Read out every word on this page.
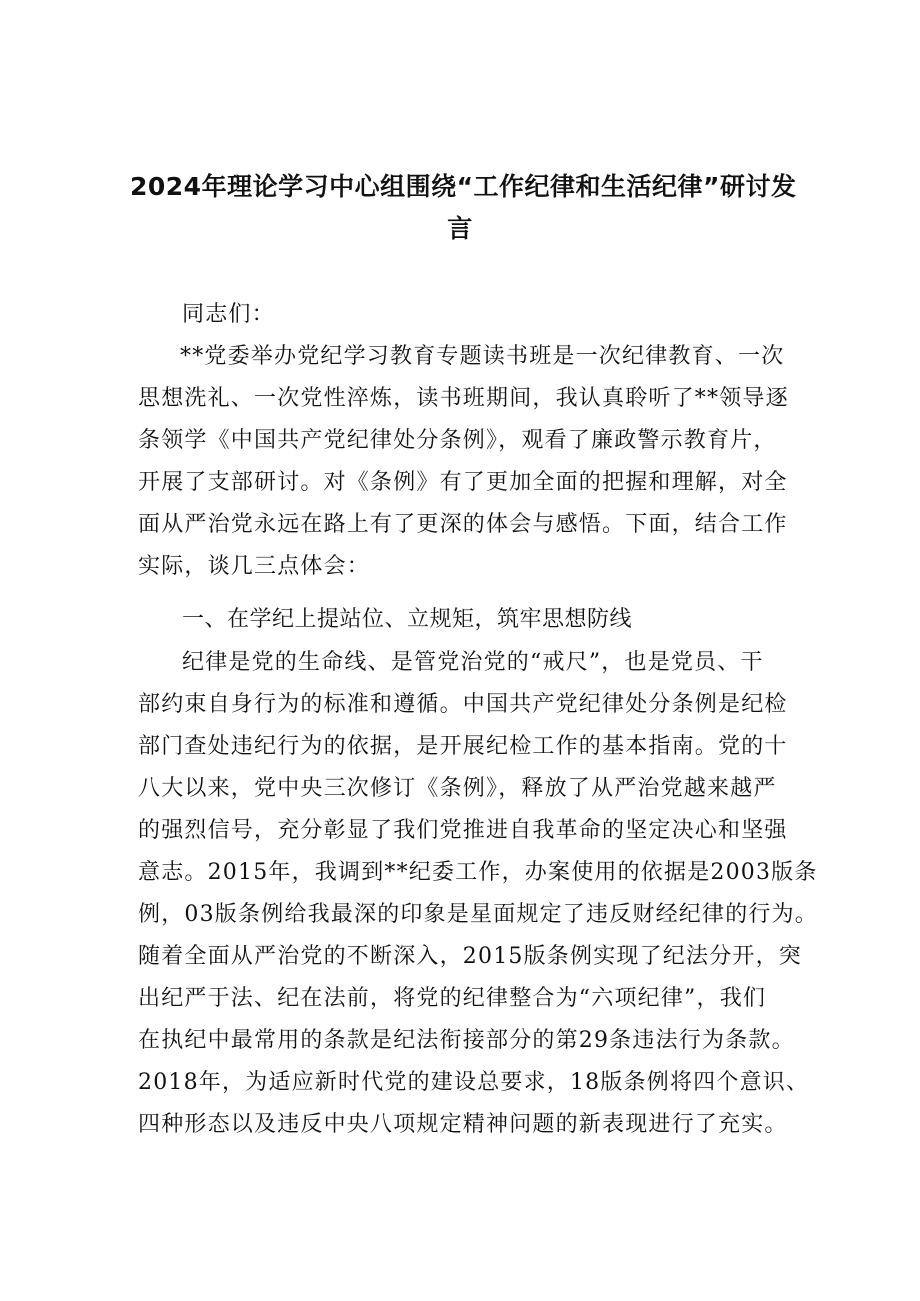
2024年理论学习中心组围绕“工作纪律和生活纪律”研讨发
言
同志们：
**党委举办党纪学习教育专题读书班是一次纪律教育、一次
思想洗礼、一次党性淬炼，读书班期间，我认真聆听了**领导逐
条领学《中国共产党纪律处分条例》，观看了廉政警示教育片，
开展了支部研讨。对《条例》有了更加全面的把握和理解，对全
面从严治党永远在路上有了更深的体会与感悟。下面，结合工作
实际，谈几三点体会：
一、在学纪上提站位、立规矩，筑牢思想防线
纪律是党的生命线、是管党治党的“戒尺”，也是党员、干
部约束自身行为的标准和遵循。中国共产党纪律处分条例是纪检
部门查处违纪行为的依据，是开展纪检工作的基本指南。党的十
八大以来，党中央三次修订《条例》，释放了从严治党越来越严
的强烈信号，充分彰显了我们党推进自我革命的坚定决心和坚强
意志。2015年，我调到**纪委工作，办案使用的依据是2003版条
例，03版条例给我最深的印象是星面规定了违反财经纪律的行为。
随着全面从严治党的不断深入，2015版条例实现了纪法分开，突
出纪严于法、纪在法前，将党的纪律整合为“六项纪律”，我们
在执纪中最常用的条款是纪法衔接部分的第29条违法行为条款。
2018年，为适应新时代党的建设总要求，18版条例将四个意识、
四种形态以及违反中央八项规定精神问题的新表现进行了充实。
